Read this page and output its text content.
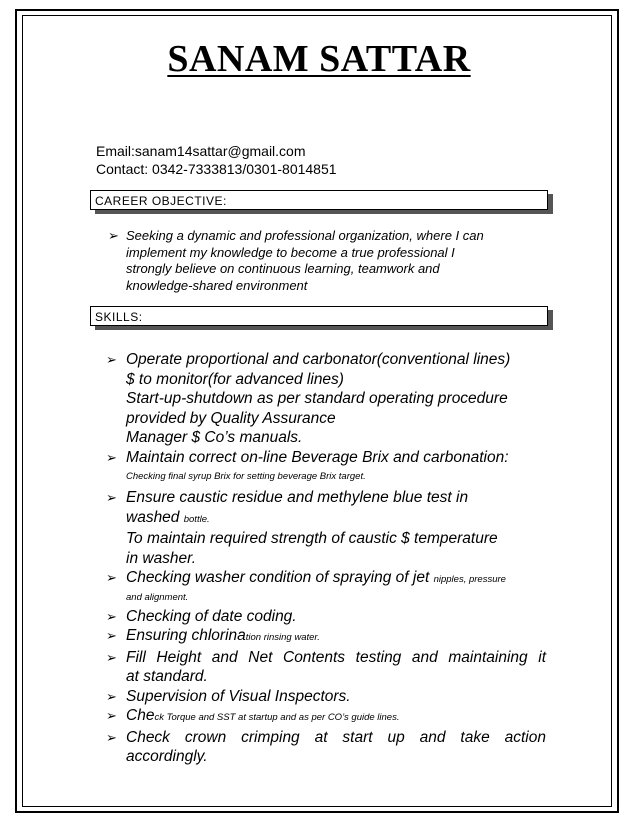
SANAM SATTAR
Email:sanam14sattar@gmail.com
Contact: 0342-7333813/0301-8014851
CAREER OBJECTIVE:
➢ Seeking a dynamic and professional organization, where I can
implement my knowledge to become a true professional I
strongly believe on continuous learning, teamwork and
knowledge-shared environment
SKILLS:
➢ Operate proportional and carbonator(conventional lines)
$ to monitor(for advanced lines)
Start-up-shutdown as per standard operating procedure
provided by Quality Assurance
Manager $ Co’s manuals.
➢ Maintain correct on-line Beverage Brix and carbonation:
Checking final syrup Brix for setting beverage Brix target.
➢ Ensure caustic residue and methylene blue test in
washed bottle.
To maintain required strength of caustic $ temperature
in washer.
➢ Checking washer condition of spraying of jet nipples, pressure
and alignment.
➢ Checking of date coding.
➢ Ensuring chlorination rinsing water.
➢ Fill Height and Net Contents testing and maintaining it
at standard.
➢ Supervision of Visual Inspectors.
➢ Check Torque and SST at startup and as per CO’s guide lines.
➢ Check crown crimping at start up and take action
accordingly.
